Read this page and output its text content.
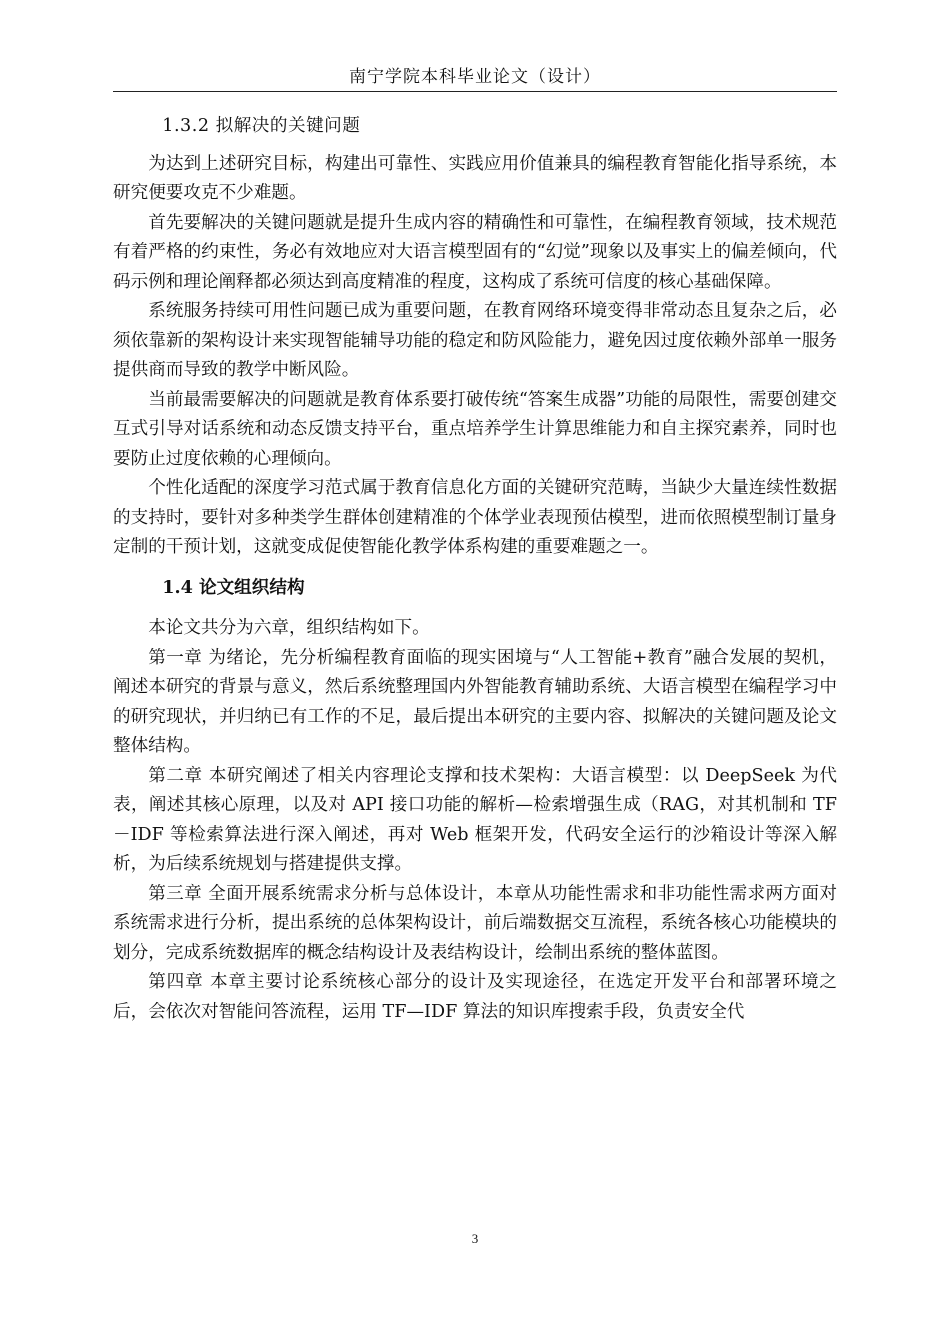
南宁学院本科毕业论文（设计）

1.3.2 拟解决的关键问题

为达到上述研究目标，构建出可靠性、实践应用价值兼具的编程教育智能化指导系统，本研究便要攻克不少难题。

首先要解决的关键问题就是提升生成内容的精确性和可靠性，在编程教育领域，技术规范有着严格的约束性，务必有效地应对大语言模型固有的“幻觉”现象以及事实上的偏差倾向，代码示例和理论阐释都必须达到高度精准的程度，这构成了系统可信度的核心基础保障。

系统服务持续可用性问题已成为重要问题，在教育网络环境变得非常动态且复杂之后，必须依靠新的架构设计来实现智能辅导功能的稳定和防风险能力，避免因过度依赖外部单一服务提供商而导致的教学中断风险。

当前最需要解决的问题就是教育体系要打破传统“答案生成器”功能的局限性，需要创建交互式引导对话系统和动态反馈支持平台，重点培养学生计算思维能力和自主探究素养，同时也要防止过度依赖的心理倾向。

个性化适配的深度学习范式属于教育信息化方面的关键研究范畴，当缺少大量连续性数据的支持时，要针对多种类学生群体创建精准的个体学业表现预估模型，进而依照模型制订量身定制的干预计划，这就变成促使智能化教学体系构建的重要难题之一。

1.4 论文组织结构

本论文共分为六章，组织结构如下。

第一章 为绪论，先分析编程教育面临的现实困境与“人工智能+教育”融合发展的契机，阐述本研究的背景与意义，然后系统整理国内外智能教育辅助系统、大语言模型在编程学习中的研究现状，并归纳已有工作的不足，最后提出本研究的主要内容、拟解决的关键问题及论文整体结构。

第二章 本研究阐述了相关内容理论支撑和技术架构：大语言模型：以 DeepSeek 为代表，阐述其核心原理，以及对 API 接口功能的解析—检索增强生成（RAG，对其机制和 TF－IDF 等检索算法进行深入阐述，再对 Web 框架开发，代码安全运行的沙箱设计等深入解析，为后续系统规划与搭建提供支撑。

第三章 全面开展系统需求分析与总体设计，本章从功能性需求和非功能性需求两方面对系统需求进行分析，提出系统的总体架构设计，前后端数据交互流程，系统各核心功能模块的划分，完成系统数据库的概念结构设计及表结构设计，绘制出系统的整体蓝图。

第四章 本章主要讨论系统核心部分的设计及实现途径，在选定开发平台和部署环境之后，会依次对智能问答流程，运用 TF—IDF 算法的知识库搜索手段，负责安全代

3
